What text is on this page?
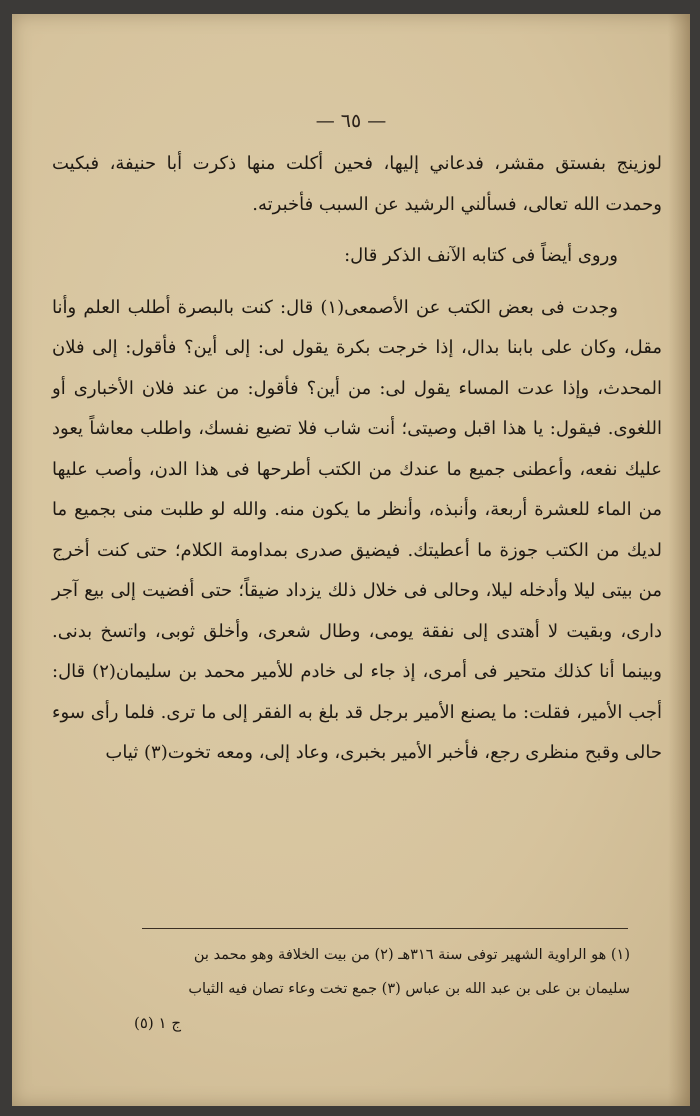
— ٦٥ —

لوزينج بفستق مقشر، فدعاني إليها، فحين أكلت منها ذكرت أبا حنيفة، فبكيت وحمدت الله تعالى، فسألني الرشيد عن السبب فأخبرته.

وروى أيضاً فى كتابه الآنف الذكر قال:

وجدت فى بعض الكتب عن الأصمعى(١) قال: كنت بالبصرة أطلب العلم وأنا مقل، وكان على بابنا بدال، إذا خرجت بكرة يقول لى: إلى أين؟ فأقول: إلى فلان المحدث، وإذا عدت المساء يقول لى: من أين؟ فأقول: من عند فلان الأخبارى أو اللغوى. فيقول: يا هذا اقبل وصيتى؛ أنت شاب فلا تضيع نفسك، واطلب معاشاً يعود عليك نفعه، وأعطنى جميع ما عندك من الكتب أطرحها فى هذا الدن، وأصب عليها من الماء للعشرة أربعة، وأنبذه، وأنظر ما يكون منه. والله لو طلبت منى بجميع ما لديك من الكتب جوزة ما أعطيتك. فيضيق صدرى بمداومة الكلام؛ حتى كنت أخرج من بيتى ليلا وأدخله ليلا، وحالى فى خلال ذلك يزداد ضيقاً؛ حتى أفضيت إلى بيع آجر دارى، وبقيت لا أهتدى إلى نفقة يومى، وطال شعرى، وأخلق ثوبى، واتسخ بدنى. وبينما أنا كذلك متحير فى أمرى، إذ جاء لى خادم للأمير محمد بن سليمان(٢) قال: أجب الأمير، فقلت: ما يصنع الأمير برجل قد بلغ به الفقر إلى ما ترى. فلما رأى سوء حالى وقبح منظرى رجع، فأخبر الأمير بخبرى، وعاد إلى، ومعه تخوت(٣) ثياب

(١) هو الراوية الشهير توفى سنة ٣١٦هـ (٢) من بيت الخلافة وهو محمد بن

سليمان بن على بن عبد الله بن عباس (٣) جمع تخت وعاء تصان فيه الثياب

ج ١ (٥)
